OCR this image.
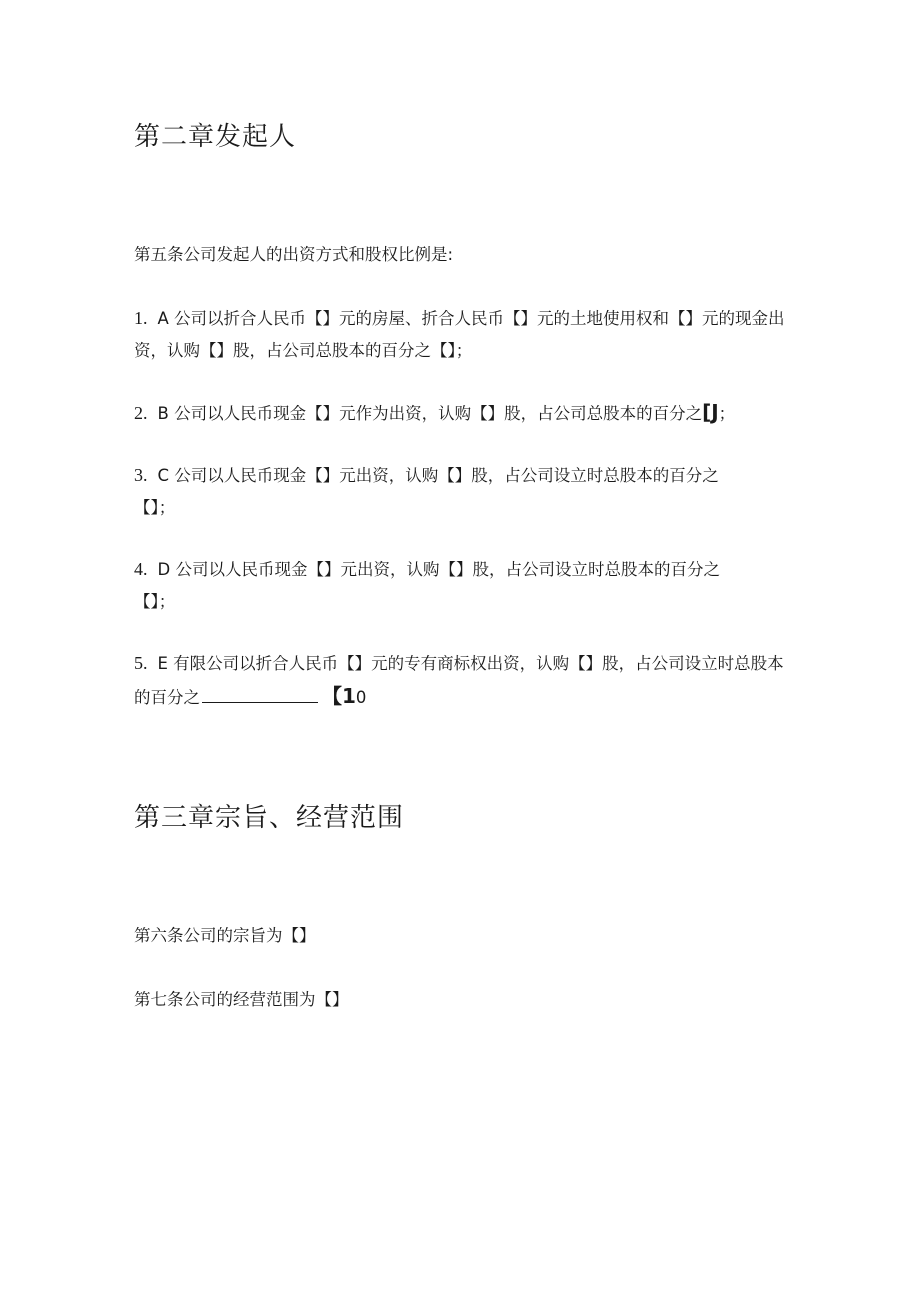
第二章发起人

第五条公司发起人的出资方式和股权比例是:

1. A 公司以折合人民币【】元的房屋、折合人民币【】元的土地使用权和【】元的现金出资，认购【】股，占公司总股本的百分之【】；

2. B 公司以人民币现金【】元作为出资，认购【】股，占公司总股本的百分之[J；

3. C 公司以人民币现金【】元出资，认购【】股，占公司设立时总股本的百分之【】；

4. D 公司以人民币现金【】元出资，认购【】股，占公司设立时总股本的百分之【】；

5. E 有限公司以折合人民币【】元的专有商标权出资，认购【】股，占公司设立时总股本的百分之	【10

第三章宗旨、经营范围

第六条公司的宗旨为【】

第七条公司的经营范围为【】
